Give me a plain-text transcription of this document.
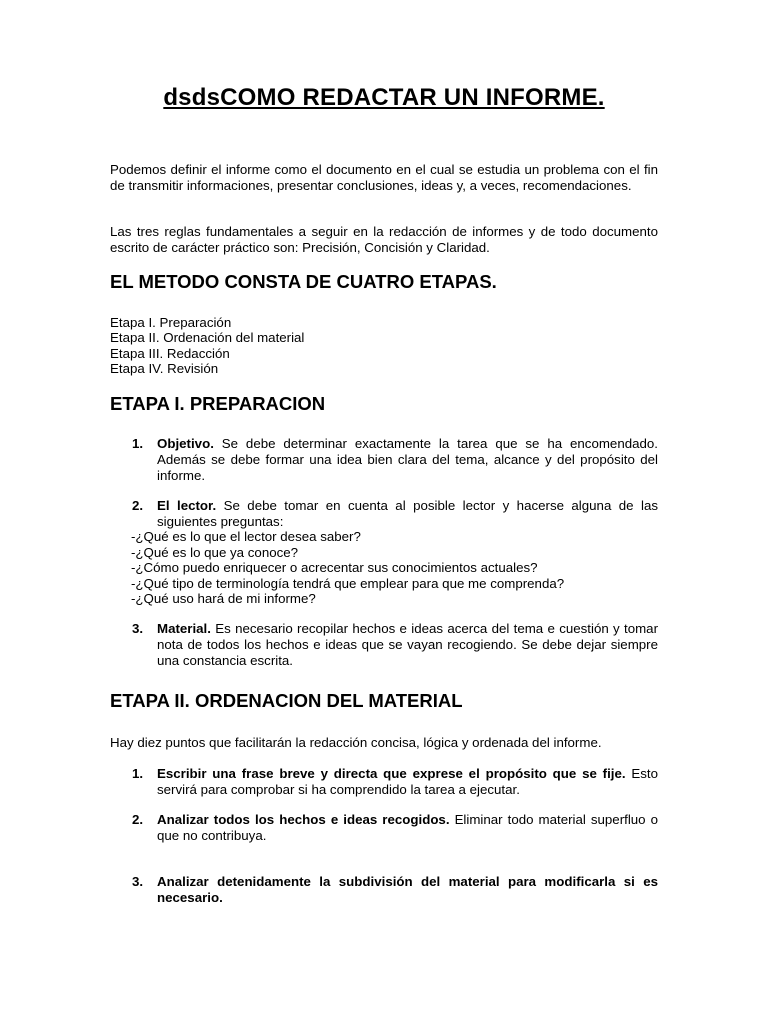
dsdsCOMO REDACTAR UN INFORME.
Podemos definir el informe como el documento en el cual se estudia un problema con el fin de transmitir informaciones, presentar conclusiones, ideas y, a veces, recomendaciones.
Las tres reglas fundamentales a seguir en la redacción de informes y de todo documento escrito de carácter práctico son: Precisión, Concisión y Claridad.
EL METODO CONSTA DE CUATRO ETAPAS.
Etapa I. Preparación
Etapa II. Ordenación del material
Etapa III. Redacción
Etapa IV. Revisión
ETAPA I. PREPARACION
1. Objetivo. Se debe determinar exactamente la tarea que se ha encomendado. Además se debe formar una idea bien clara del tema, alcance y del propósito del informe.
2. El lector. Se debe tomar en cuenta al posible lector y hacerse alguna de las siguientes preguntas:
-¿Qué es lo que el lector desea saber?
-¿Qué es lo que ya conoce?
-¿Cómo puedo enriquecer o acrecentar sus conocimientos actuales?
-¿Qué tipo de terminología tendrá que emplear para que me comprenda?
-¿Qué uso hará de mi informe?
3. Material. Es necesario recopilar hechos e ideas acerca del tema e cuestión y tomar nota de todos los hechos e ideas que se vayan recogiendo. Se debe dejar siempre una constancia escrita.
ETAPA II. ORDENACION DEL MATERIAL
Hay diez puntos que facilitarán la redacción concisa, lógica y ordenada del informe.
1. Escribir una frase breve y directa que exprese el propósito que se fije. Esto servirá para comprobar si ha comprendido la tarea a ejecutar.
2. Analizar todos los hechos e ideas recogidos. Eliminar todo material superfluo o que no contribuya.
3. Analizar detenidamente la subdivisión del material para modificarla si es necesario.
